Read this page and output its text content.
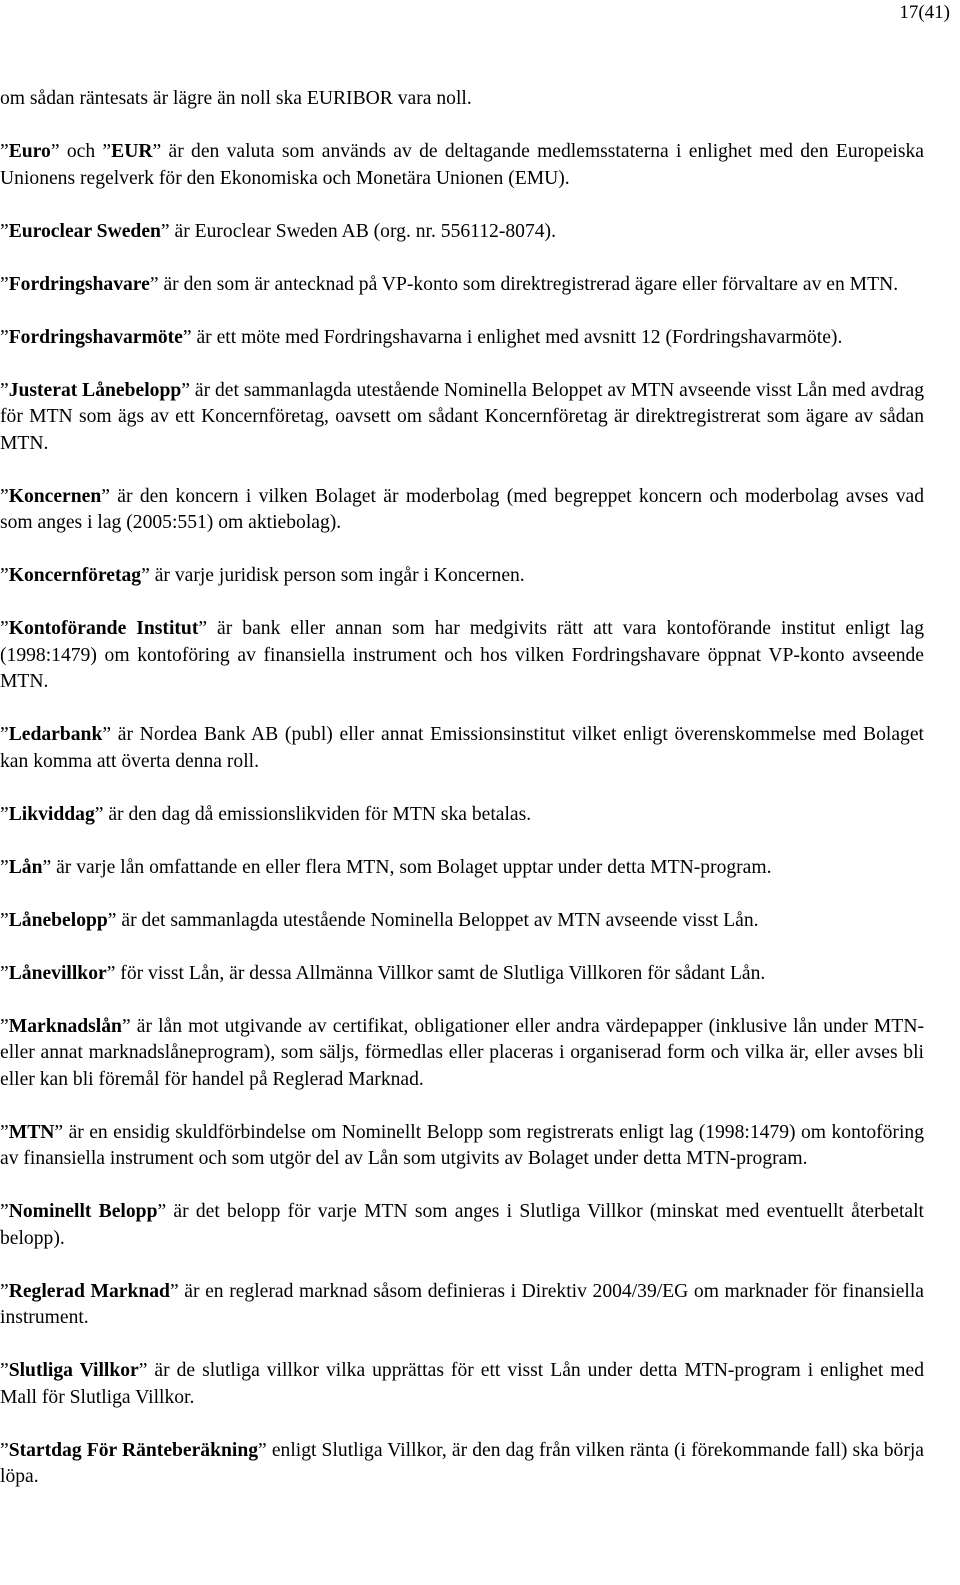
17(41)

om sådan räntesats är lägre än noll ska EURIBOR vara noll.

”Euro” och ”EUR” är den valuta som används av de deltagande medlemsstaterna i enlighet med den Europeiska Unionens regelverk för den Ekonomiska och Monetära Unionen (EMU).

”Euroclear Sweden” är Euroclear Sweden AB (org. nr. 556112-8074).

”Fordringshavare” är den som är antecknad på VP-konto som direktregistrerad ägare eller förvaltare av en MTN.

”Fordringshavarmöte” är ett möte med Fordringshavarna i enlighet med avsnitt 12 (Fordringshavarmöte).

”Justerat Lånebelopp” är det sammanlagda utestående Nominella Beloppet av MTN avseende visst Lån med avdrag för MTN som ägs av ett Koncernföretag, oavsett om sådant Koncernföretag är direktregistrerat som ägare av sådan MTN.

”Koncernen” är den koncern i vilken Bolaget är moderbolag (med begreppet koncern och moderbolag avses vad som anges i lag (2005:551) om aktiebolag).

”Koncernföretag” är varje juridisk person som ingår i Koncernen.

”Kontoförande Institut” är bank eller annan som har medgivits rätt att vara kontoförande institut enligt lag (1998:1479) om kontoföring av finansiella instrument och hos vilken Fordringshavare öppnat VP-konto avseende MTN.

”Ledarbank” är Nordea Bank AB (publ) eller annat Emissionsinstitut vilket enligt överenskommelse med Bolaget kan komma att överta denna roll.

”Likviddag” är den dag då emissionslikviden för MTN ska betalas.

”Lån” är varje lån omfattande en eller flera MTN, som Bolaget upptar under detta MTN-program.

”Lånebelopp” är det sammanlagda utestående Nominella Beloppet av MTN avseende visst Lån.

”Lånevillkor” för visst Lån, är dessa Allmänna Villkor samt de Slutliga Villkoren för sådant Lån.

”Marknadslån” är lån mot utgivande av certifikat, obligationer eller andra värdepapper (inklusive lån under MTN- eller annat marknadslåneprogram), som säljs, förmedlas eller placeras i organiserad form och vilka är, eller avses bli eller kan bli föremål för handel på Reglerad Marknad.

”MTN” är en ensidig skuldförbindelse om Nominellt Belopp som registrerats enligt lag (1998:1479) om kontoföring av finansiella instrument och som utgör del av Lån som utgivits av Bolaget under detta MTN-program.

”Nominellt Belopp” är det belopp för varje MTN som anges i Slutliga Villkor (minskat med eventuellt återbetalt belopp).

”Reglerad Marknad” är en reglerad marknad såsom definieras i Direktiv 2004/39/EG om marknader för finansiella instrument.

”Slutliga Villkor” är de slutliga villkor vilka upprättas för ett visst Lån under detta MTN-program i enlighet med Mall för Slutliga Villkor.

”Startdag För Ränteberäkning” enligt Slutliga Villkor, är den dag från vilken ränta (i förekommande fall) ska börja löpa.
